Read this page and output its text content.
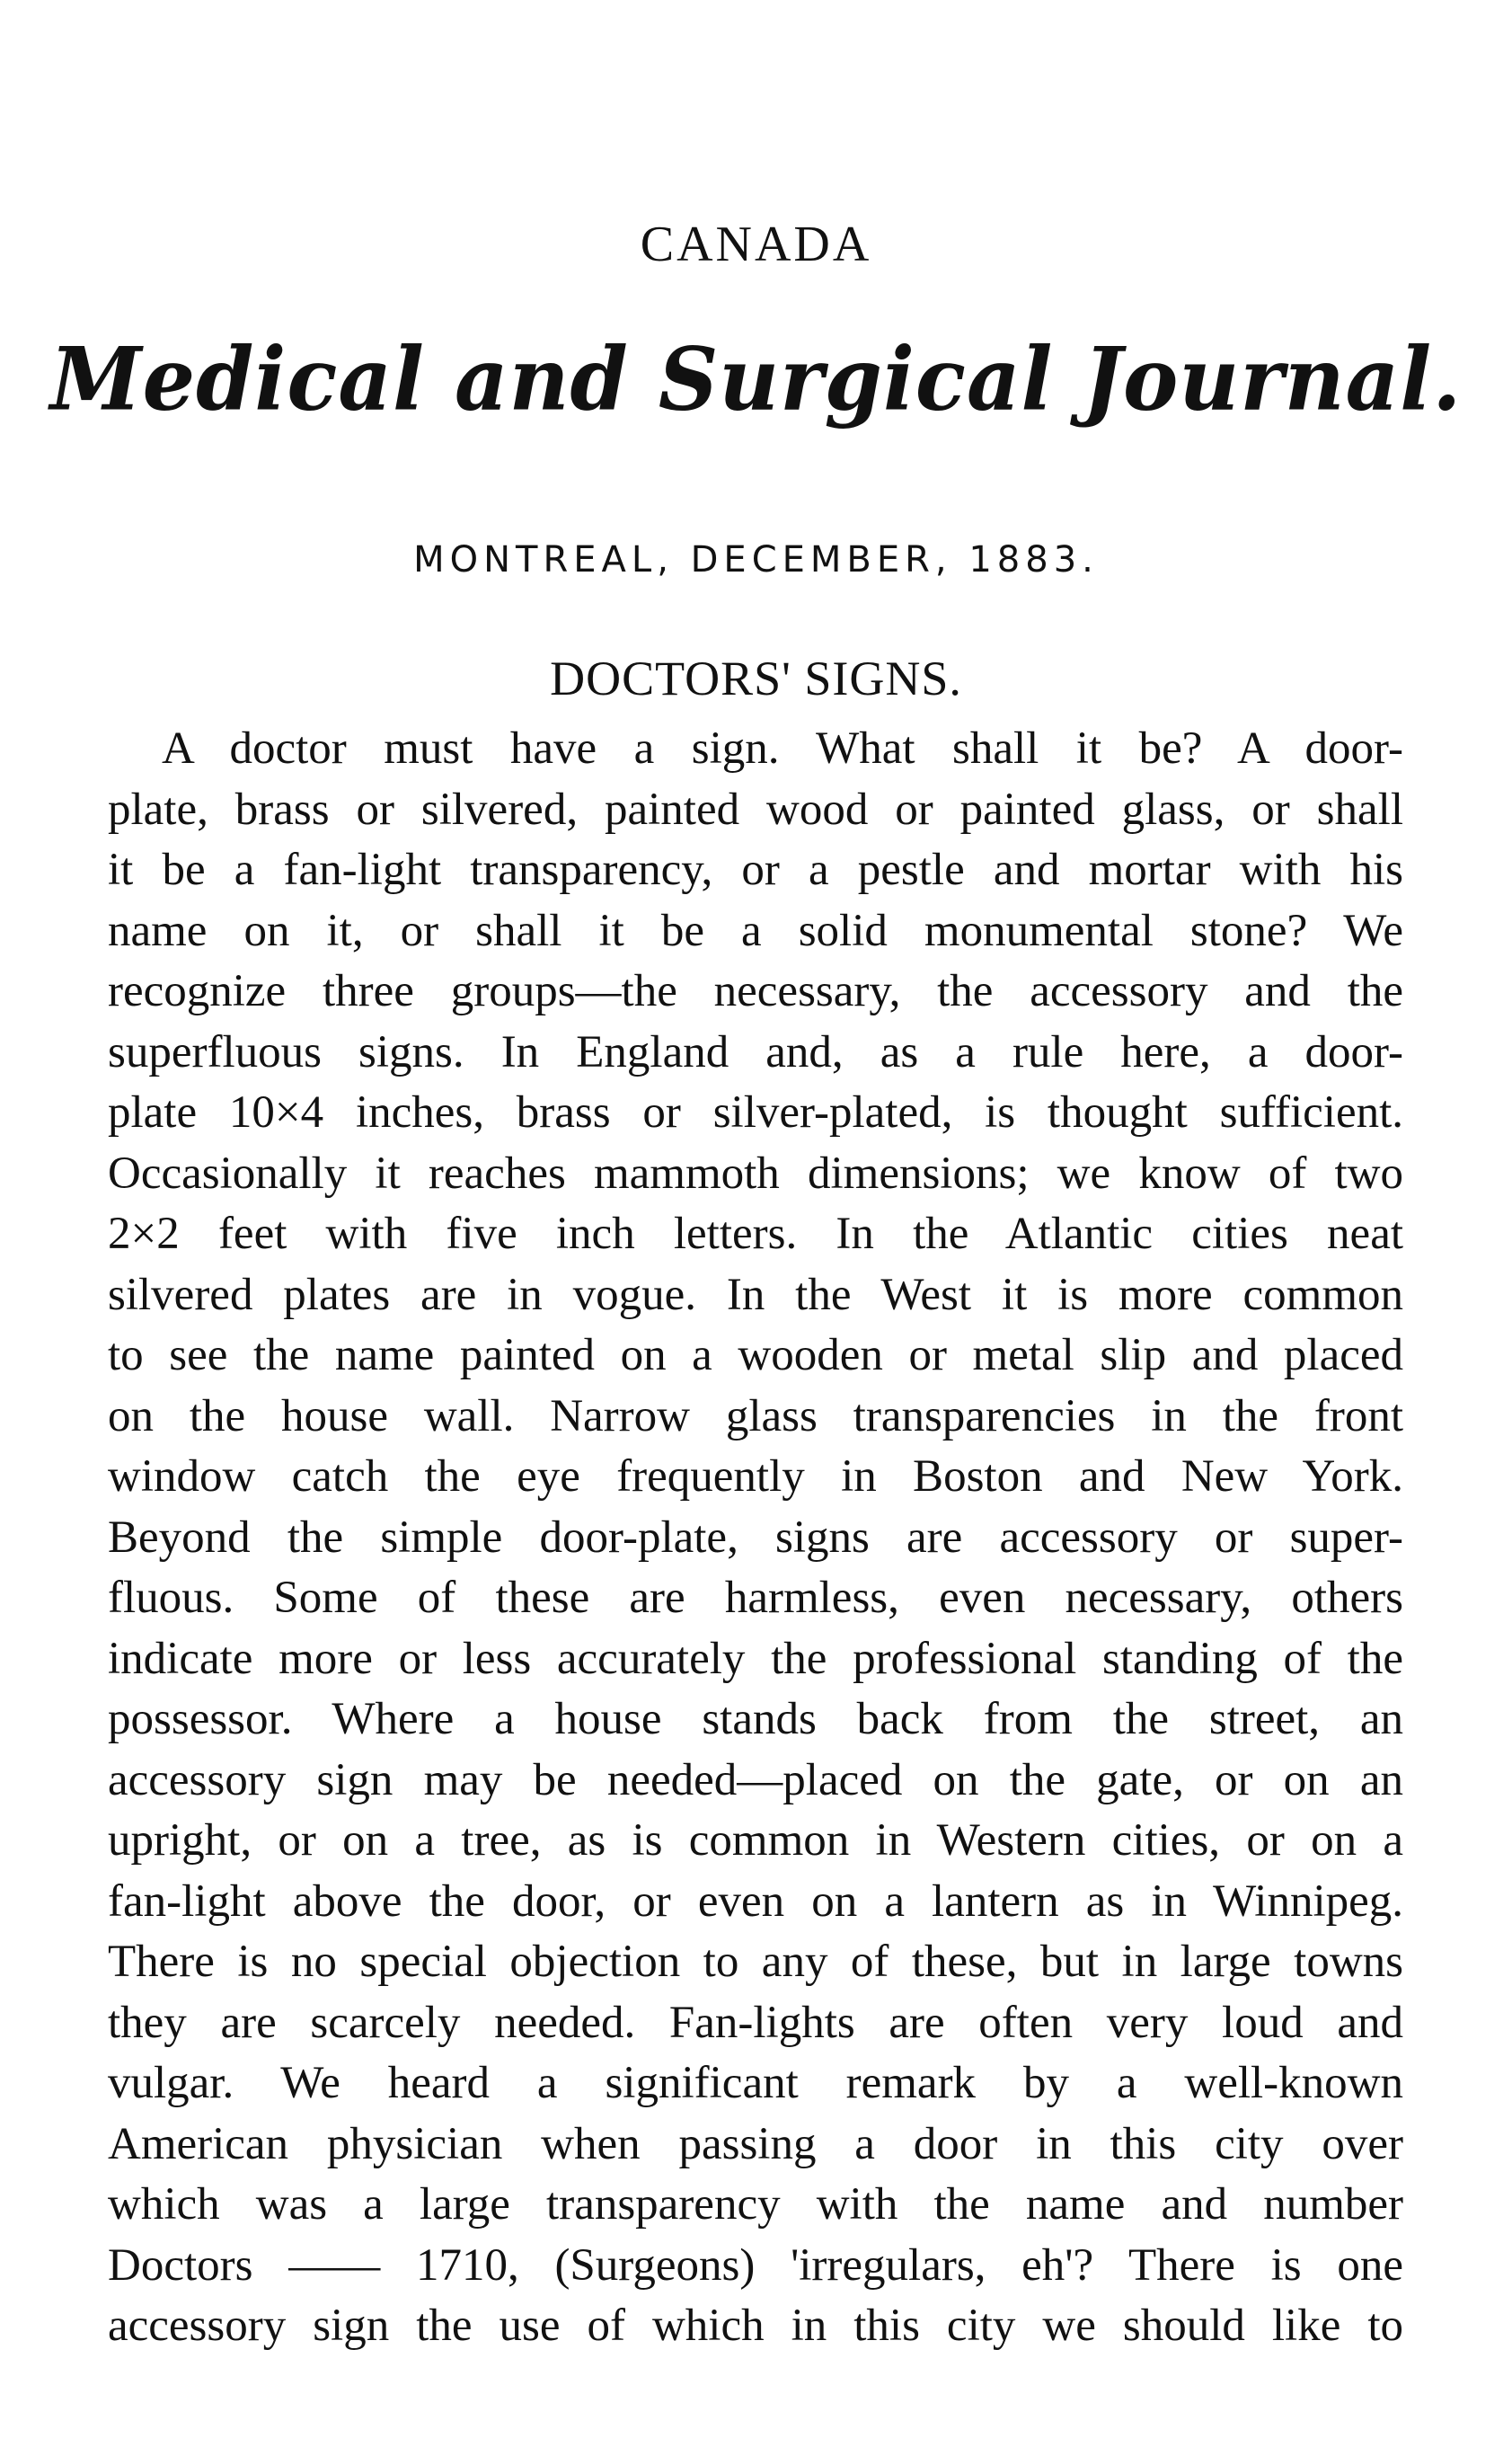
CANADA
Medical and Surgical Journal.
MONTREAL, DECEMBER, 1883.
DOCTORS' SIGNS.
A doctor must have a sign. What shall it be? A door-
plate, brass or silvered, painted wood or painted glass, or shall
it be a fan-light transparency, or a pestle and mortar with his
name on it, or shall it be a solid monumental stone? We
recognize three groups—the necessary, the accessory and the
superfluous signs. In England and, as a rule here, a door-
plate 10×4 inches, brass or silver-plated, is thought sufficient.
Occasionally it reaches mammoth dimensions; we know of two
2×2 feet with five inch letters. In the Atlantic cities neat
silvered plates are in vogue. In the West it is more common
to see the name painted on a wooden or metal slip and placed
on the house wall. Narrow glass transparencies in the front
window catch the eye frequently in Boston and New York.
Beyond the simple door-plate, signs are accessory or super-
fluous. Some of these are harmless, even necessary, others
indicate more or less accurately the professional standing of the
possessor. Where a house stands back from the street, an
accessory sign may be needed—placed on the gate, or on an
upright, or on a tree, as is common in Western cities, or on a
fan-light above the door, or even on a lantern as in Winnipeg.
There is no special objection to any of these, but in large towns
they are scarcely needed. Fan-lights are often very loud and
vulgar. We heard a significant remark by a well-known
American physician when passing a door in this city over
which was a large transparency with the name and number
Doctors —— 1710, (Surgeons) 'irregulars, eh'? There is one
accessory sign the use of which in this city we should like to
